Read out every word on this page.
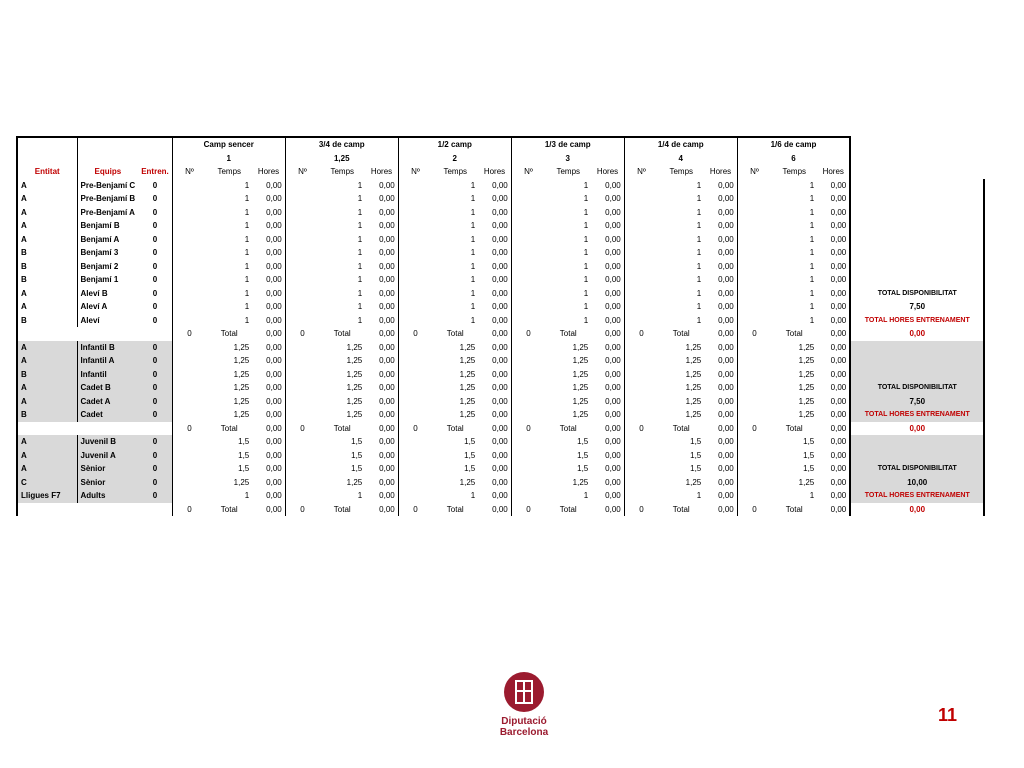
			Camp sencer			3/4 de camp			1/2 camp			1/3 de camp			1/4 de camp			1/6 de camp			
			1			1,25			2			3			4			6			
Entitat	Equips	Entren.	Nº	Temps	Hores	Nº	Temps	Hores	Nº	Temps	Hores	Nº	Temps	Hores	Nº	Temps	Hores	Nº	Temps	Hores	
A	Pre-Benjamí C	0		1	0,00		1	0,00		1	0,00		1	0,00		1	0,00		1	0,00	
A	Pre-Benjamí B	0		1	0,00		1	0,00		1	0,00		1	0,00		1	0,00		1	0,00	
A	Pre-Benjamí A	0		1	0,00		1	0,00		1	0,00		1	0,00		1	0,00		1	0,00	
A	Benjamí B	0		1	0,00		1	0,00		1	0,00		1	0,00		1	0,00		1	0,00	
A	Benjamí A	0		1	0,00		1	0,00		1	0,00		1	0,00		1	0,00		1	0,00	
B	Benjamí 3	0		1	0,00		1	0,00		1	0,00		1	0,00		1	0,00		1	0,00	
B	Benjamí 2	0		1	0,00		1	0,00		1	0,00		1	0,00		1	0,00		1	0,00	
B	Benjamí 1	0		1	0,00		1	0,00		1	0,00		1	0,00		1	0,00		1	0,00	
A	Aleví B	0		1	0,00		1	0,00		1	0,00		1	0,00		1	0,00		1	0,00	TOTAL DISPONIBILITAT
A	Aleví A	0		1	0,00		1	0,00		1	0,00		1	0,00		1	0,00		1	0,00	7,50
B	Aleví	0		1	0,00		1	0,00		1	0,00		1	0,00		1	0,00		1	0,00	TOTAL HORES ENTRENAMENT
			0	Total	0,00	0	Total	0,00	0	Total	0,00	0	Total	0,00	0	Total	0,00	0	Total	0,00	0,00
A	Infantil B	0		1,25	0,00		1,25	0,00		1,25	0,00		1,25	0,00		1,25	0,00		1,25	0,00	
A	Infantil A	0		1,25	0,00		1,25	0,00		1,25	0,00		1,25	0,00		1,25	0,00		1,25	0,00	
B	Infantil	0		1,25	0,00		1,25	0,00		1,25	0,00		1,25	0,00		1,25	0,00		1,25	0,00	
A	Cadet B	0		1,25	0,00		1,25	0,00		1,25	0,00		1,25	0,00		1,25	0,00		1,25	0,00	TOTAL DISPONIBILITAT
A	Cadet A	0		1,25	0,00		1,25	0,00		1,25	0,00		1,25	0,00		1,25	0,00		1,25	0,00	7,50
B	Cadet	0		1,25	0,00		1,25	0,00		1,25	0,00		1,25	0,00		1,25	0,00		1,25	0,00	TOTAL HORES ENTRENAMENT
			0	Total	0,00	0	Total	0,00	0	Total	0,00	0	Total	0,00	0	Total	0,00	0	Total	0,00	0,00
A	Juvenil B	0		1,5	0,00		1,5	0,00		1,5	0,00		1,5	0,00		1,5	0,00		1,5	0,00	
A	Juvenil A	0		1,5	0,00		1,5	0,00		1,5	0,00		1,5	0,00		1,5	0,00		1,5	0,00	
A	Sènior	0		1,5	0,00		1,5	0,00		1,5	0,00		1,5	0,00		1,5	0,00		1,5	0,00	TOTAL DISPONIBILITAT
C	Sènior	0		1,25	0,00		1,25	0,00		1,25	0,00		1,25	0,00		1,25	0,00		1,25	0,00	10,00
Lligues F7	Adults	0		1	0,00		1	0,00		1	0,00		1	0,00		1	0,00		1	0,00	TOTAL HORES ENTRENAMENT
			0	Total	0,00	0	Total	0,00	0	Total	0,00	0	Total	0,00	0	Total	0,00	0	Total	0,00	0,00
Diputació
Barcelona
11
